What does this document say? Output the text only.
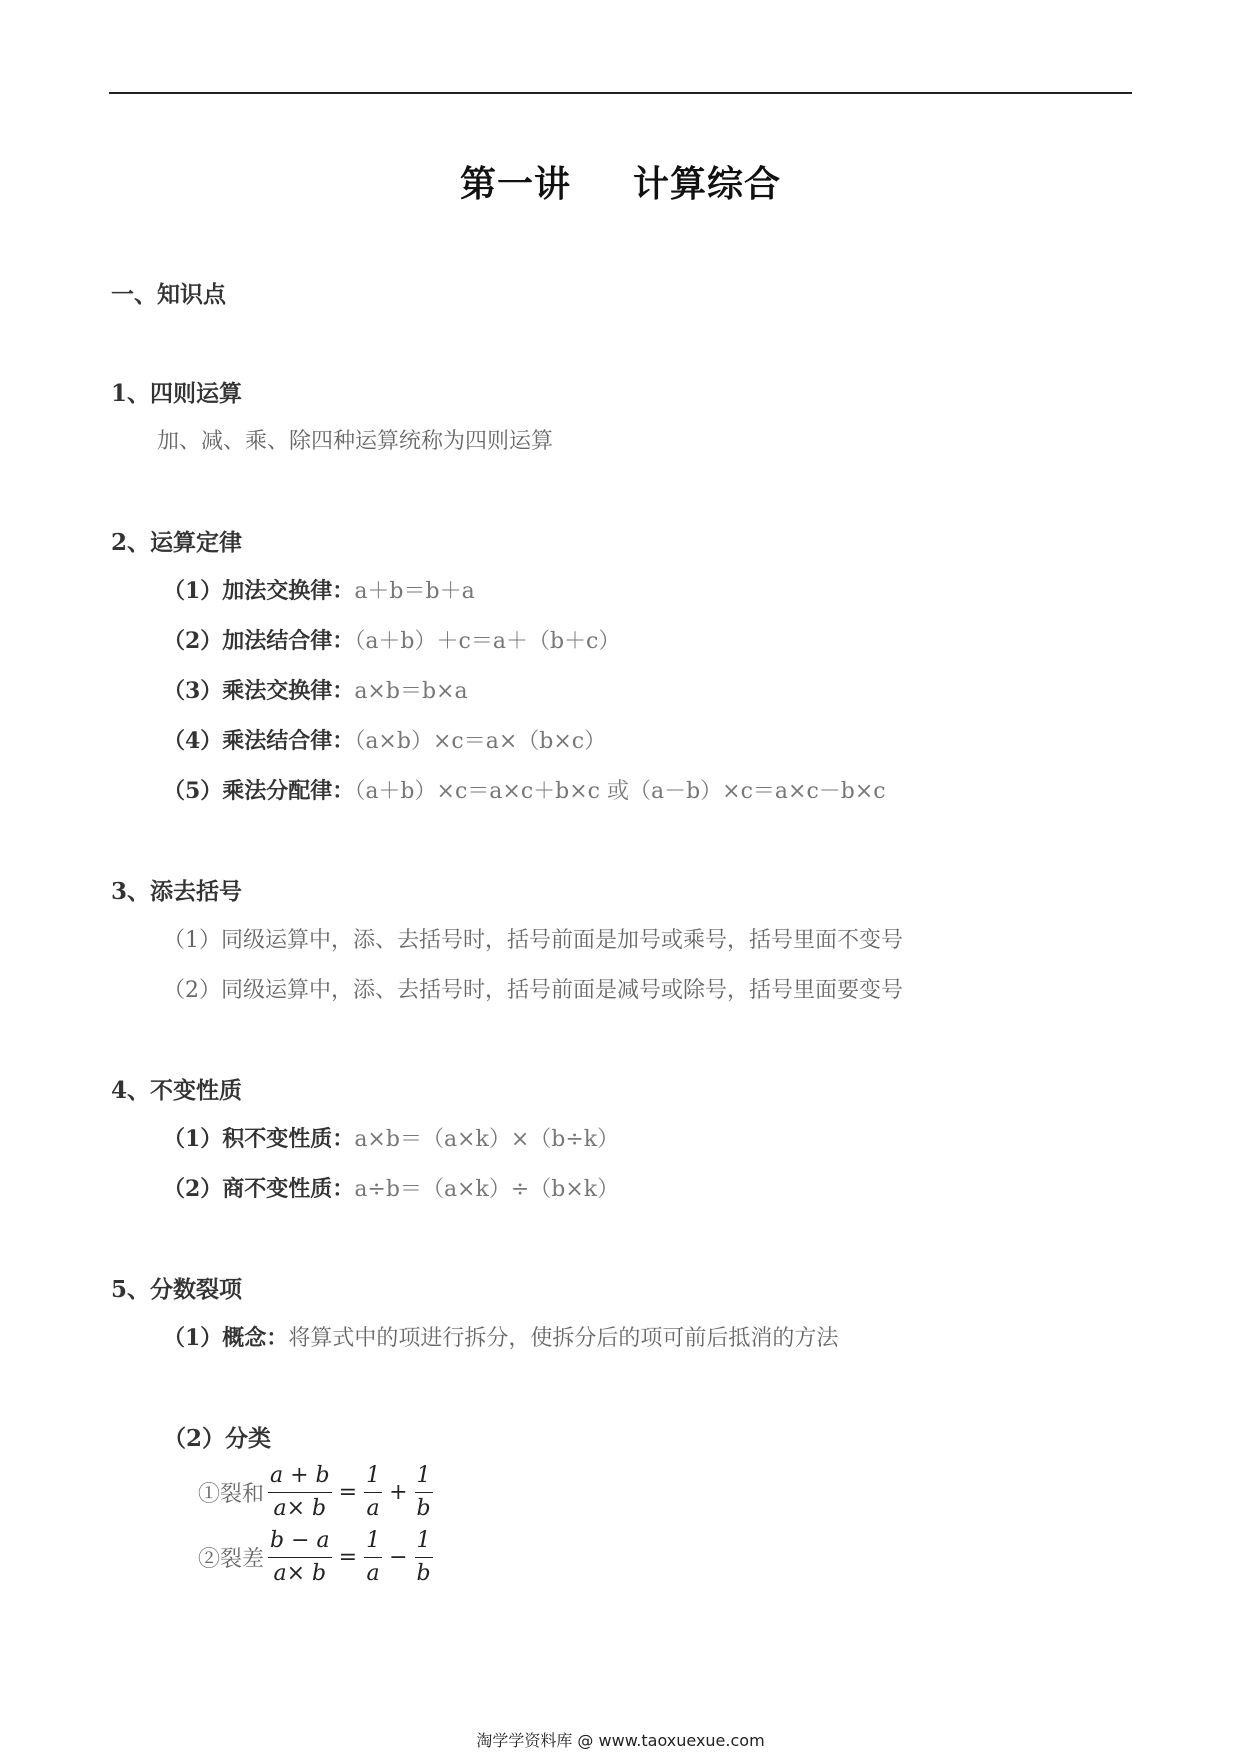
第一讲 计算综合
一、知识点
1、四则运算
加、减、乘、除四种运算统称为四则运算
2、运算定律
（1）加法交换律：a＋b＝b＋a
（2）加法结合律：（a＋b）＋c＝a＋（b＋c）
（3）乘法交换律：a×b＝b×a
（4）乘法结合律：（a×b）×c＝a×（b×c）
（5）乘法分配律：（a＋b）×c＝a×c＋b×c 或（a－b）×c＝a×c－b×c
3、添去括号
（1）同级运算中，添、去括号时，括号前面是加号或乘号，括号里面不变号
（2）同级运算中，添、去括号时，括号前面是减号或除号，括号里面要变号
4、不变性质
（1）积不变性质：a×b＝（a×k）×（b÷k）
（2）商不变性质：a÷b＝（a×k）÷（b×k）
5、分数裂项
（1）概念：将算式中的项进行拆分，使拆分后的项可前后抵消的方法
（2）分类
①裂和 $\frac{a + b}{a\times b} = \frac{1}{a} + \frac{1}{b}$
②裂差 $\frac{b - a}{a\times b} = \frac{1}{a} - \frac{1}{b}$
淘学学资料库 @ www.taoxuexue.com
